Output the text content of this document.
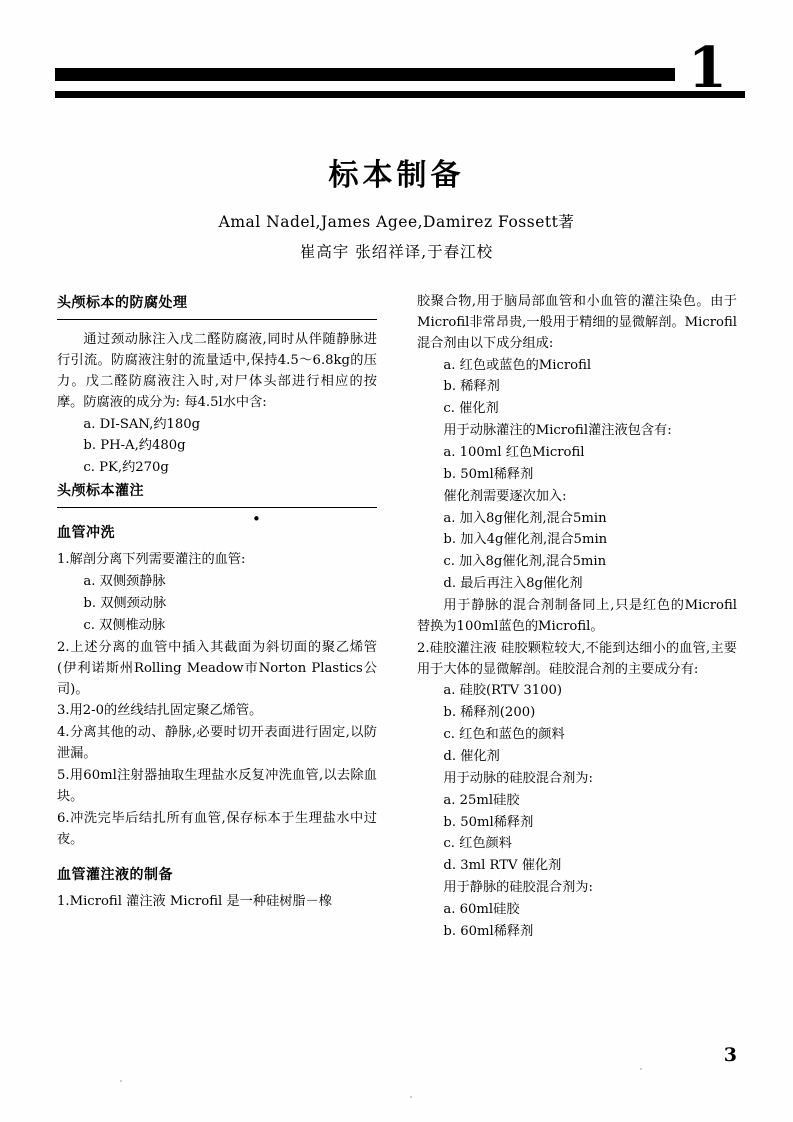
1
标本制备

Amal Nadel,James Agee,Damirez Fossett著

崔高宇 张绍祥译,于春江校

头颅标本的防腐处理

通过颈动脉注入戊二醛防腐液,同时从伴随静脉进行引流。防腐液注射的流量适中,保持4.5～6.8kg的压力。戊二醛防腐液注入时,对尸体头部进行相应的按摩。防腐液的成分为: 每4.5l水中含:

a. DI-SAN,约180g

b. PH-A,约480g

c. PK,约270g

头颅标本灌注
血管冲洗

1.解剖分离下列需要灌注的血管:

a. 双侧颈静脉

b. 双侧颈动脉

c. 双侧椎动脉

2.上述分离的血管中插入其截面为斜切面的聚乙烯管(伊利诺斯州Rolling Meadow市Norton Plastics公司)。

3.用2-0的丝线结扎固定聚乙烯管。

4.分离其他的动、静脉,必要时切开表面进行固定,以防泄漏。

5.用60ml注射器抽取生理盐水反复冲洗血管,以去除血块。

6.冲洗完毕后结扎所有血管,保存标本于生理盐水中过夜。

血管灌注液的制备

1.Microfil 灌注液 Microfil 是一种硅树脂－橡

胶聚合物,用于脑局部血管和小血管的灌注染色。由于Microfil非常昂贵,一般用于精细的显微解剖。Microfil混合剂由以下成分组成:

a. 红色或蓝色的Microfil

b. 稀释剂

c. 催化剂

用于动脉灌注的Microfil灌注液包含有:

a. 100ml 红色Microfil

b. 50ml稀释剂

催化剂需要逐次加入:

a. 加入8g催化剂,混合5min

b. 加入4g催化剂,混合5min

c. 加入8g催化剂,混合5min

d. 最后再注入8g催化剂

用于静脉的混合剂制备同上,只是红色的Microfil替换为100ml蓝色的Microfil。

2.硅胶灌注液 硅胶颗粒较大,不能到达细小的血管,主要用于大体的显微解剖。硅胶混合剂的主要成分有:

a. 硅胶(RTV 3100)

b. 稀释剂(200)

c. 红色和蓝色的颜料

d. 催化剂

用于动脉的硅胶混合剂为:

a. 25ml硅胶

b. 50ml稀释剂

c. 红色颜料

d. 3ml RTV 催化剂

用于静脉的硅胶混合剂为:

a. 60ml硅胶

b. 60ml稀释剂

•
3
